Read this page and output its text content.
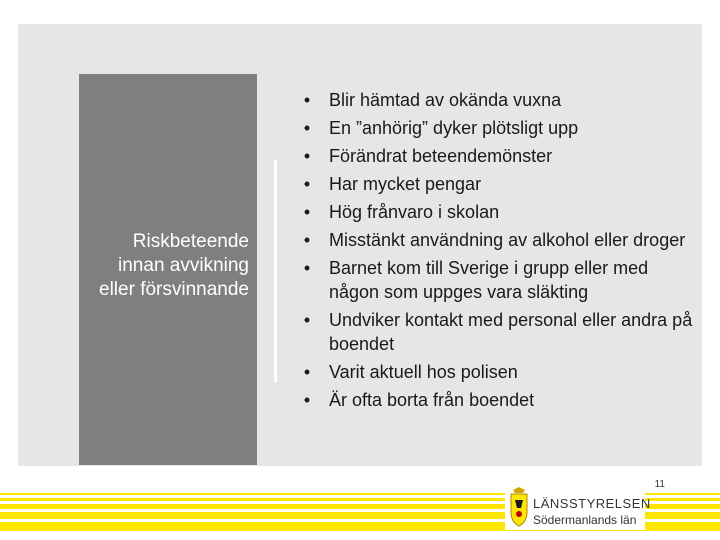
Riskbeteende innan avvikning eller försvinnande
• Blir hämtad av okända vuxna
• En ”anhörig” dyker plötsligt upp
• Förändrat beteendemönster
• Har mycket pengar
• Hög frånvaro i skolan
• Misstänkt användning av alkohol eller droger
• Barnet kom till Sverige i grupp eller med någon som uppges vara släkting
• Undviker kontakt med personal eller andra på boendet
• Varit aktuell hos polisen
• Är ofta borta från boendet
11
LÄNSSTYRELSEN
Södermanlands län
